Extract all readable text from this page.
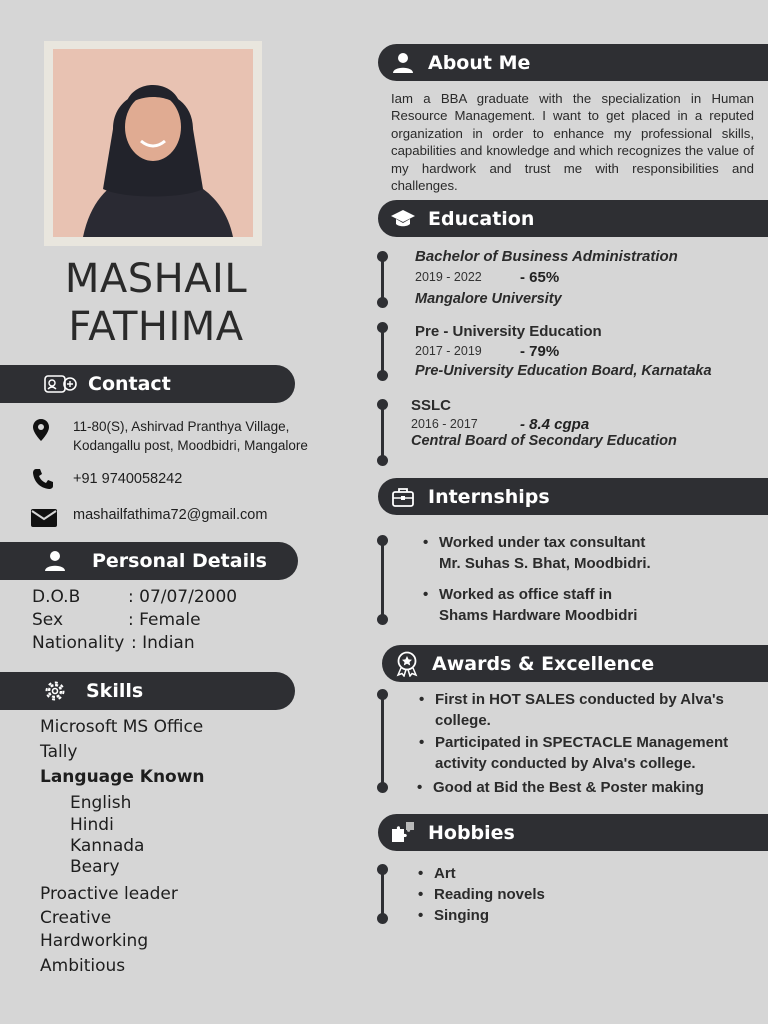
MASHAIL
FATHIMA
Contact
11-80(S), Ashirvad Pranthya Village,
Kodangallu post, Moodbidri, Mangalore
+91 9740058242
mashailfathima72@gmail.com
Personal Details
D.O.B	: 07/07/2000
Sex	: Female
Nationality : Indian
Skills
Microsoft MS Office
Tally
Language Known
English
Hindi
Kannada
Beary
Proactive leader
Creative
Hardworking
Ambitious
About Me
Iam a BBA graduate with the specialization in Human Resource Management. I want to get placed in a reputed organization in order to enhance my professional skills, capabilities and knowledge and which recognizes the value of my hardwork and trust me with responsibilities and challenges.
Education
Bachelor of Business Administration
2019 - 2022	- 65%
Mangalore University
Pre - University Education
2017 - 2019	- 79%
Pre-University Education Board, Karnataka
SSLC
2016 - 2017	- 8.4 cgpa
Central Board of Secondary Education
Internships
• Worked under tax consultant
Mr. Suhas S. Bhat, Moodbidri.
• Worked as office staff in
Shams Hardware Moodbidri
Awards & Excellence
• First in HOT SALES conducted by Alva's
college.
• Participated in SPECTACLE Management
activity conducted by Alva's college.
• Good at Bid the Best & Poster making
Hobbies
• Art
• Reading novels
• Singing
